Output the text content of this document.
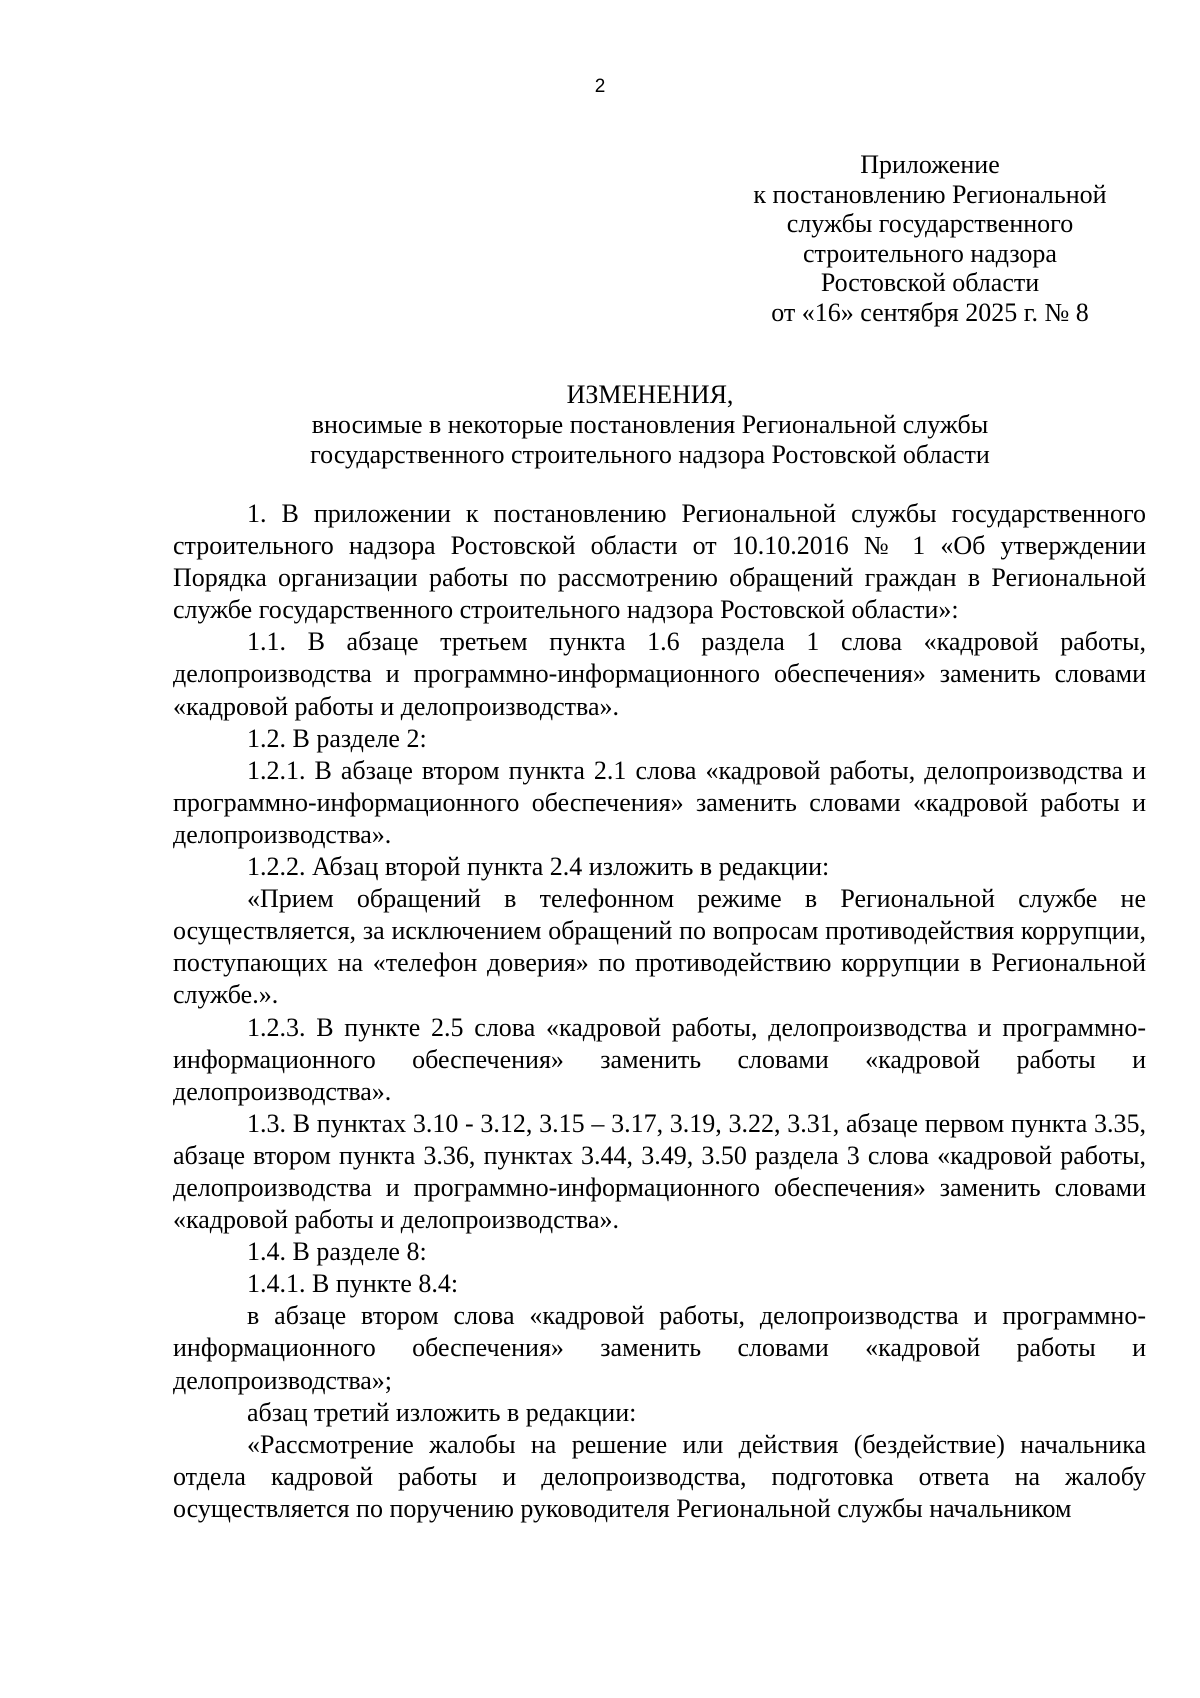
2
Приложение
к постановлению Региональной
службы государственного
строительного надзора
Ростовской области
от «16» сентября 2025 г. № 8
ИЗМЕНЕНИЯ,
вносимые в некоторые постановления Региональной службы
государственного строительного надзора Ростовской области

1. В приложении к постановлению Региональной службы государственного строительного надзора Ростовской области от 10.10.2016 № 1 «Об утверждении Порядка организации работы по рассмотрению обращений граждан в Региональной службе государственного строительного надзора Ростовской области»:

1.1. В абзаце третьем пункта 1.6 раздела 1 слова «кадровой работы, делопроизводства и программно-информационного обеспечения» заменить словами «кадровой работы и делопроизводства».

1.2. В разделе 2:

1.2.1. В абзаце втором пункта 2.1 слова «кадровой работы, делопроизводства и программно-информационного обеспечения» заменить словами «кадровой работы и делопроизводства».

1.2.2. Абзац второй пункта 2.4 изложить в редакции:

«Прием обращений в телефонном режиме в Региональной службе не осуществляется, за исключением обращений по вопросам противодействия коррупции, поступающих на «телефон доверия» по противодействию коррупции в Региональной службе.».

1.2.3. В пункте 2.5 слова «кадровой работы, делопроизводства и программно-информационного обеспечения» заменить словами «кадровой работы и делопроизводства».

1.3. В пунктах 3.10 - 3.12, 3.15 – 3.17, 3.19, 3.22, 3.31, абзаце первом пункта 3.35, абзаце втором пункта 3.36, пунктах 3.44, 3.49, 3.50 раздела 3 слова «кадровой работы, делопроизводства и программно-информационного обеспечения» заменить словами «кадровой работы и делопроизводства».

1.4. В разделе 8:

1.4.1. В пункте 8.4:

в абзаце втором слова «кадровой работы, делопроизводства и программно-информационного обеспечения» заменить словами «кадровой работы и делопроизводства»;

абзац третий изложить в редакции:

«Рассмотрение жалобы на решение или действия (бездействие) начальника отдела кадровой работы и делопроизводства, подготовка ответа на жалобу осуществляется по поручению руководителя Региональной службы начальником
